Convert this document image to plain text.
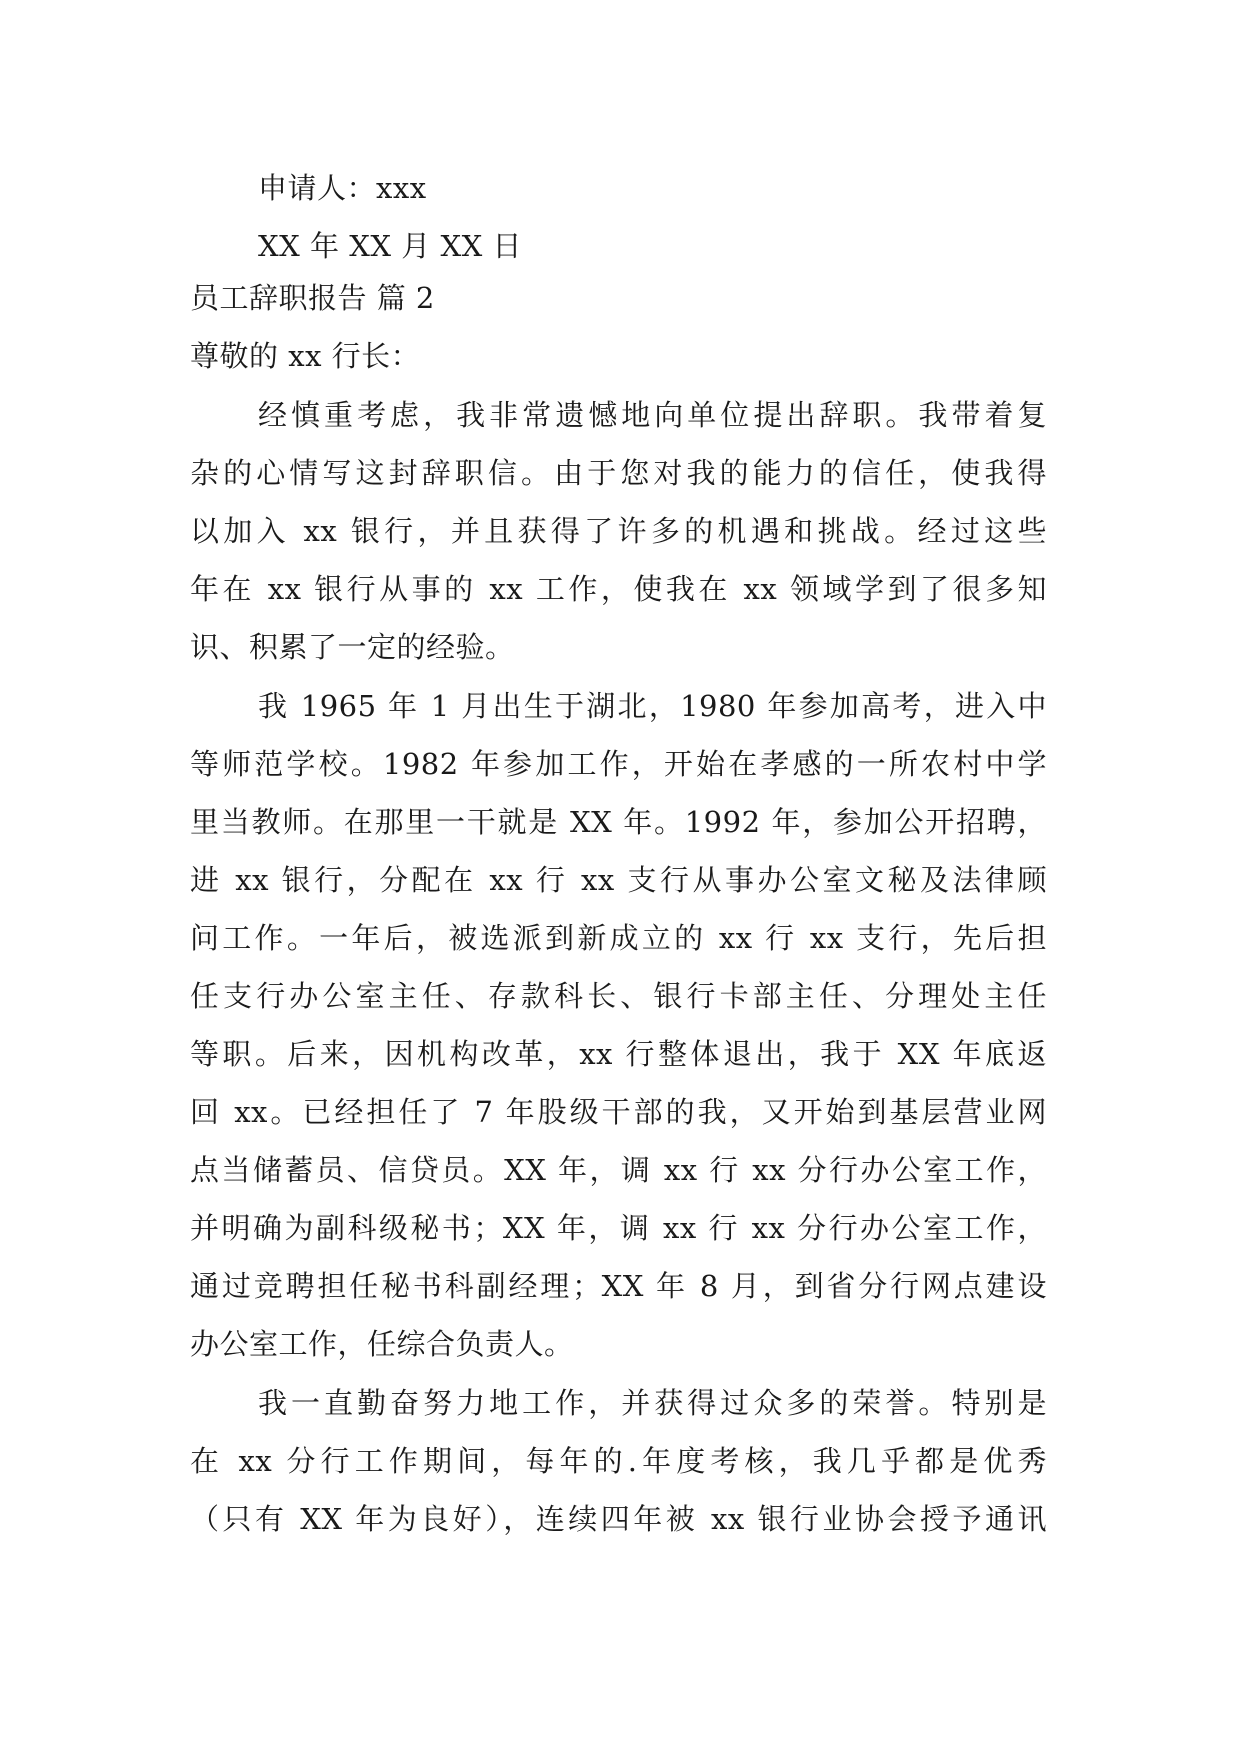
申请人：xxx
XX 年 XX 月 XX 日
员工辞职报告 篇 2
尊敬的 xx 行长：
经慎重考虑，我非常遗憾地向单位提出辞职。我带着复
杂的心情写这封辞职信。由于您对我的能力的信任，使我得
以加入 xx 银行，并且获得了许多的机遇和挑战。经过这些
年在 xx 银行从事的 xx 工作，使我在 xx 领域学到了很多知
识、积累了一定的经验。
我 1965 年 1 月出生于湖北，1980 年参加高考，进入中
等师范学校。1982 年参加工作，开始在孝感的一所农村中学
里当教师。在那里一干就是 XX 年。1992 年，参加公开招聘，
进 xx 银行，分配在 xx 行 xx 支行从事办公室文秘及法律顾
问工作。一年后，被选派到新成立的 xx 行 xx 支行，先后担
任支行办公室主任、存款科长、银行卡部主任、分理处主任
等职。后来，因机构改革，xx 行整体退出，我于 XX 年底返
回 xx。已经担任了 7 年股级干部的我，又开始到基层营业网
点当储蓄员、信贷员。XX 年，调 xx 行 xx 分行办公室工作，
并明确为副科级秘书；XX 年，调 xx 行 xx 分行办公室工作，
通过竞聘担任秘书科副经理；XX 年 8 月，到省分行网点建设
办公室工作，任综合负责人。
我一直勤奋努力地工作，并获得过众多的荣誉。特别是
在 xx 分行工作期间，每年的.年度考核，我几乎都是优秀
（只有 XX 年为良好），连续四年被 xx 银行业协会授予通讯
